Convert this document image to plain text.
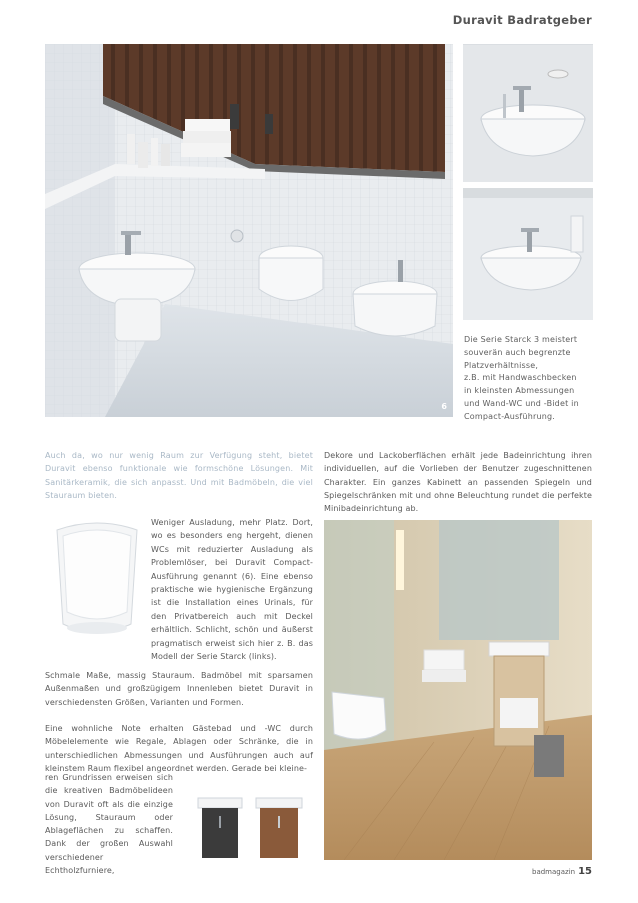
Duravit Badratgeber
6
Die Serie Starck 3 meistert
souverän auch begrenzte
Platzverhältnisse,
z.B. mit Handwaschbecken
in kleinsten Abmessungen
und Wand-WC und -Bidet in
Compact-Ausführung.
Auch da, wo nur wenig Raum zur Verfügung steht, bietet Duravit ebenso funktionale wie formschöne Lösungen. Mit Sanitärkeramik, die sich anpasst. Und mit Badmöbeln, die viel Stauraum bieten.
Dekore und Lackoberflächen erhält jede Badeinrichtung ihren individuellen, auf die Vorlieben der Benutzer zugeschnittenen Charakter. Ein ganzes Kabinett an passenden Spiegeln und Spiegelschränken mit und ohne Beleuchtung rundet die perfekte Minibadeinrichtung ab.
Weniger Ausladung, mehr Platz. Dort, wo es besonders eng hergeht, dienen WCs mit reduzierter Ausladung als Problemlöser, bei Duravit Compact-Ausführung genannt (6). Eine ebenso praktische wie hygienische Ergänzung ist die Installation eines Urinals, für den Privatbereich auch mit Deckel erhältlich. Schlicht, schön und äußerst pragmatisch erweist sich hier z. B. das Modell der Serie Starck (links).
Schmale Maße, massig Stauraum. Badmöbel mit sparsamen Außenmaßen und großzügigem Innenleben bietet Duravit in verschiedensten Größen, Varianten und Formen.
Eine wohnliche Note erhalten Gästebad und -WC durch Möbelelemente wie Regale, Ablagen oder Schränke, die in unterschiedlichen Abmessungen und Ausführungen auch auf kleinstem Raum flexibel angeordnet werden. Gerade bei kleine-
ren Grundrissen erweisen sich die kreativen Badmöbelideen von Duravit oft als die einzige Lösung, Stauraum oder Ablageflächen zu schaffen. Dank der großen Auswahl verschiedener Echtholzfurniere,	badmagazin 15
